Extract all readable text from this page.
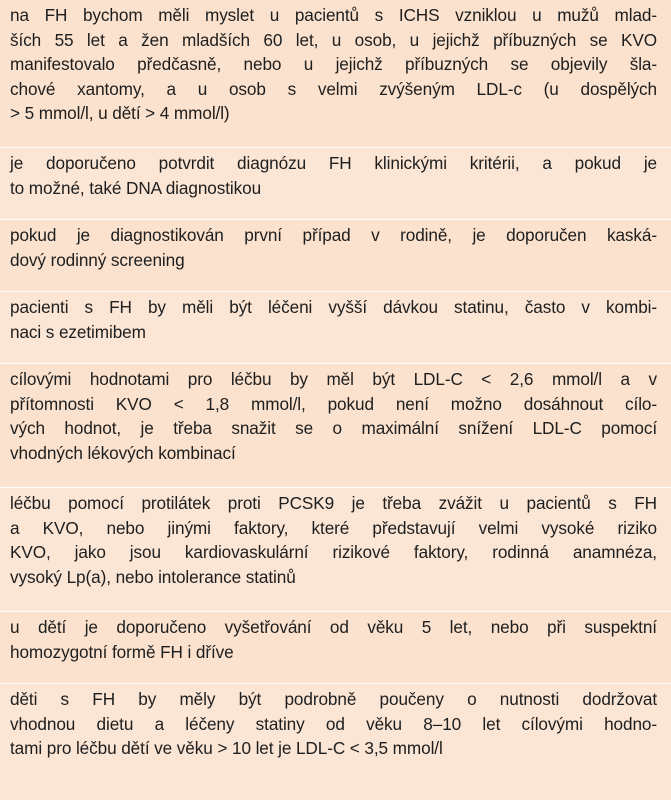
na FH bychom měli myslet u pacientů s ICHS vzniklou u mužů mlad-
ších 55 let a žen mladších 60 let, u osob, u jejichž příbuzných se KVO
manifestovalo předčasně, nebo u jejichž příbuzných se objevily šla-
chové xantomy, a u osob s velmi zvýšeným LDL-c (u dospělých
> 5 mmol/l, u dětí > 4 mmol/l)
je doporučeno potvrdit diagnózu FH klinickými kritérii, a pokud je
to možné, také DNA diagnostikou
pokud je diagnostikován první případ v rodině, je doporučen kaská-
dový rodinný screening
pacienti s FH by měli být léčeni vyšší dávkou statinu, často v kombi-
naci s ezetimibem
cílovými hodnotami pro léčbu by měl být LDL-C < 2,6 mmol/l a v
přítomnosti KVO < 1,8 mmol/l, pokud není možno dosáhnout cílo-
vých hodnot, je třeba snažit se o maximální snížení LDL-C pomocí
vhodných lékových kombinací
léčbu pomocí protilátek proti PCSK9 je třeba zvážit u pacientů s FH
a KVO, nebo jinými faktory, které představují velmi vysoké riziko
KVO, jako jsou kardiovaskulární rizikové faktory, rodinná anamnéza,
vysoký Lp(a), nebo intolerance statinů
u dětí je doporučeno vyšetřování od věku 5 let, nebo při suspektní
homozygotní formě FH i dříve
děti s FH by měly být podrobně poučeny o nutnosti dodržovat
vhodnou dietu a léčeny statiny od věku 8–10 let cílovými hodno-
tami pro léčbu dětí ve věku > 10 let je LDL-C < 3,5 mmol/l
